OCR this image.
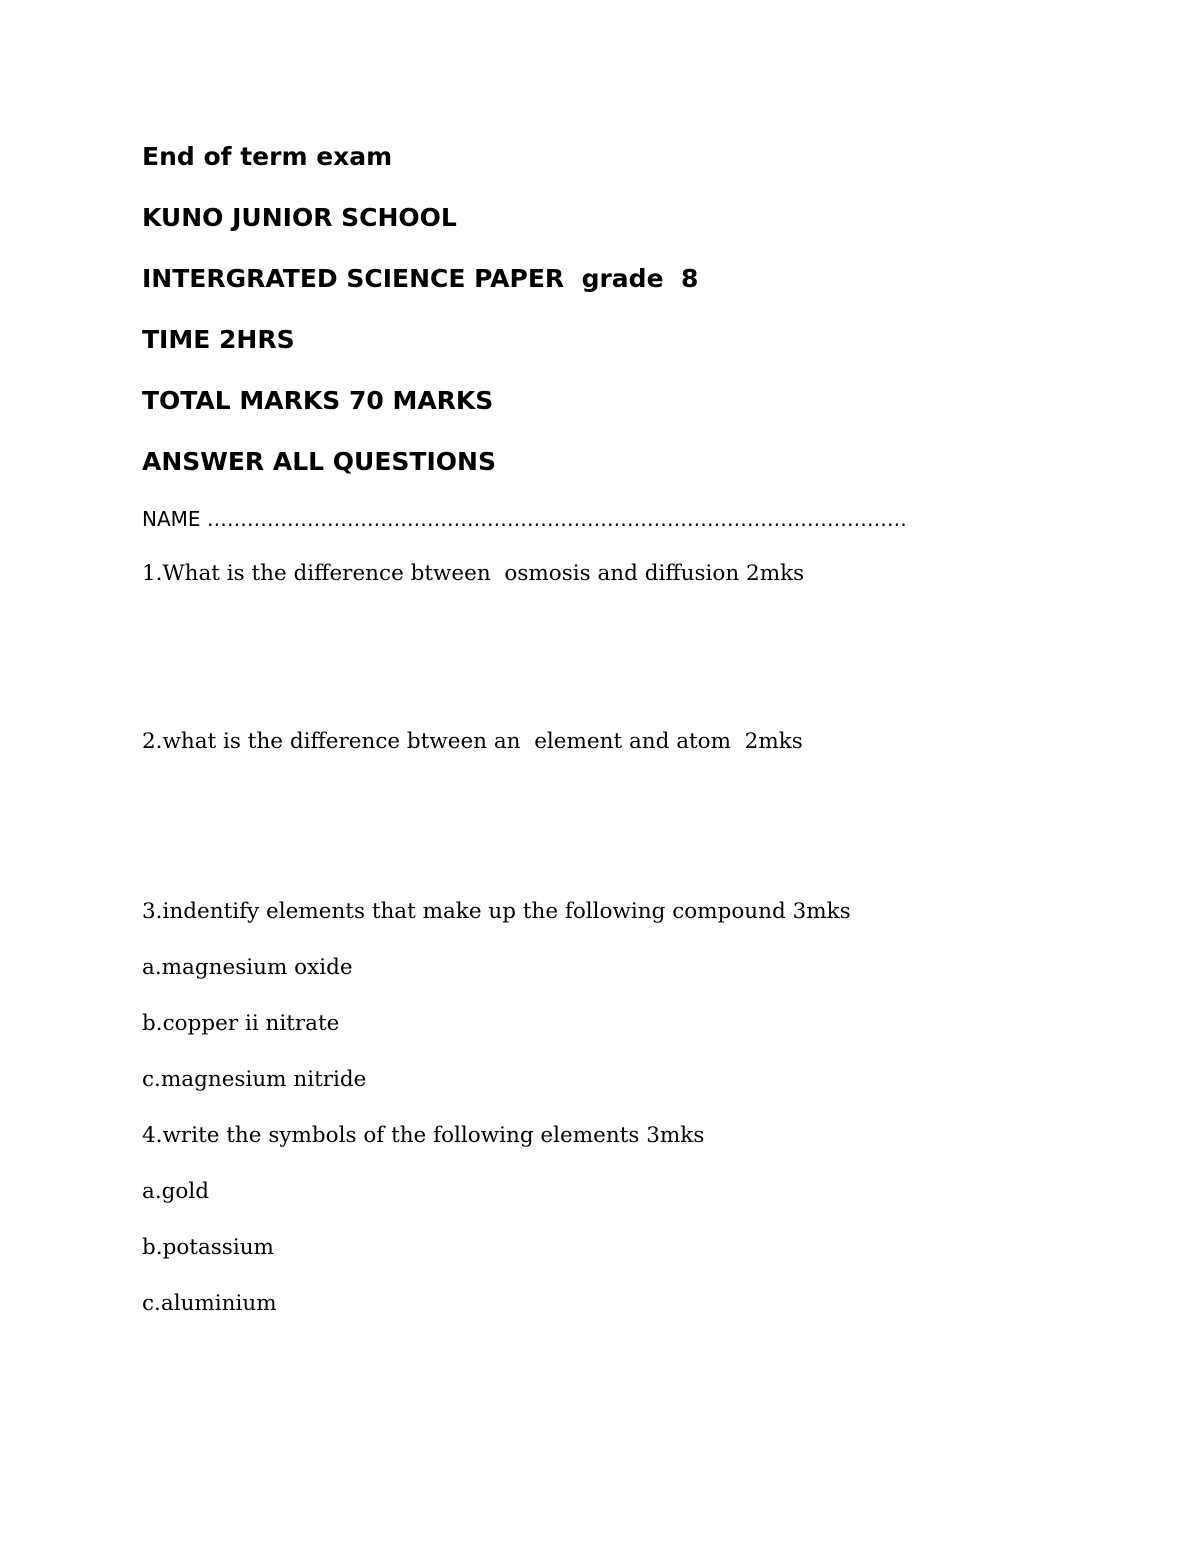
End of term exam
KUNO JUNIOR SCHOOL
INTERGRATED SCIENCE PAPER  grade  8
TIME 2HRS
TOTAL MARKS 70 MARKS
ANSWER ALL QUESTIONS
NAME ……………………………………………………………………………………………
1.What is the difference btween  osmosis and diffusion 2mks
2.what is the difference btween an  element and atom  2mks
3.indentify elements that make up the following compound 3mks
a.magnesium oxide
b.copper ii nitrate
c.magnesium nitride
4.write the symbols of the following elements 3mks
a.gold
b.potassium
c.aluminium
